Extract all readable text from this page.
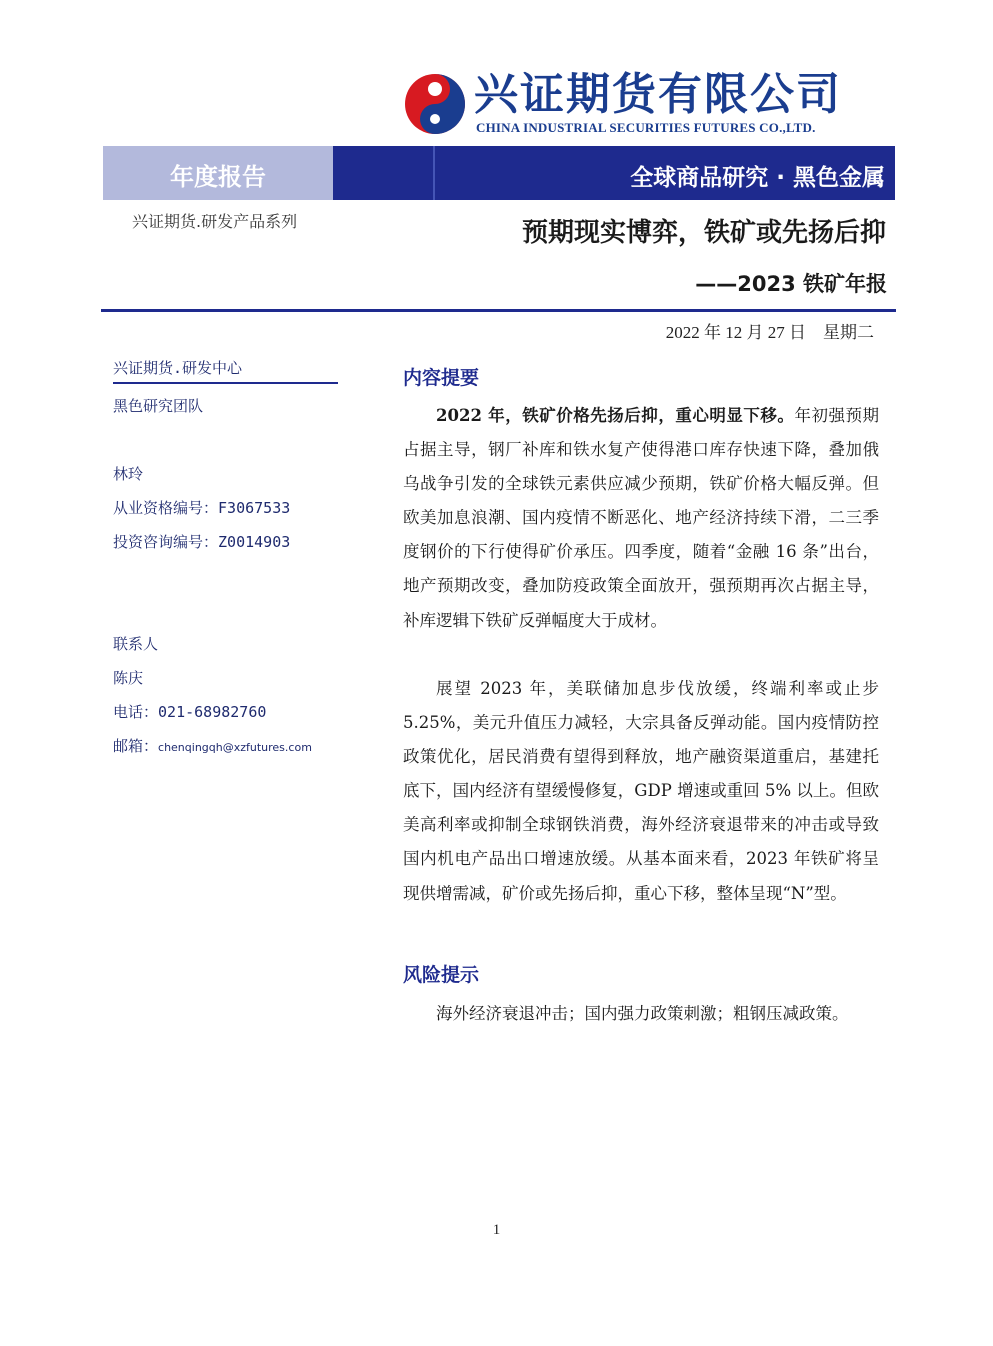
兴证期货有限公司
CHINA INDUSTRIAL SECURITIES FUTURES CO.,LTD.
年度报告	全球商品研究 · 黑色金属
兴证期货.研发产品系列	预期现实博弈，铁矿或先扬后抑
——2023 铁矿年报
2022 年 12 月 27 日　星期二
兴证期货.研发中心
黑色研究团队
林玲
从业资格编号：F3067533
投资咨询编号：Z0014903
联系人
陈庆
电话：021-68982760
邮箱：chenqingqh@xzfutures.com
内容提要
2022 年，铁矿价格先扬后抑，重心明显下移。年初强预期占据主导，钢厂补库和铁水复产使得港口库存快速下降，叠加俄乌战争引发的全球铁元素供应减少预期，铁矿价格大幅反弹。但欧美加息浪潮、国内疫情不断恶化、地产经济持续下滑，二三季度钢价的下行使得矿价承压。四季度，随着“金融 16 条”出台，地产预期改变，叠加防疫政策全面放开，强预期再次占据主导，补库逻辑下铁矿反弹幅度大于成材。
展望 2023 年，美联储加息步伐放缓，终端利率或止步 5.25%，美元升值压力减轻，大宗具备反弹动能。国内疫情防控政策优化，居民消费有望得到释放，地产融资渠道重启，基建托底下，国内经济有望缓慢修复，GDP 增速或重回 5% 以上。但欧美高利率或抑制全球钢铁消费，海外经济衰退带来的冲击或导致国内机电产品出口增速放缓。从基本面来看，2023 年铁矿将呈现供增需减，矿价或先扬后抑，重心下移，整体呈现“N”型。
风险提示
海外经济衰退冲击；国内强力政策刺激；粗钢压减政策。
1
